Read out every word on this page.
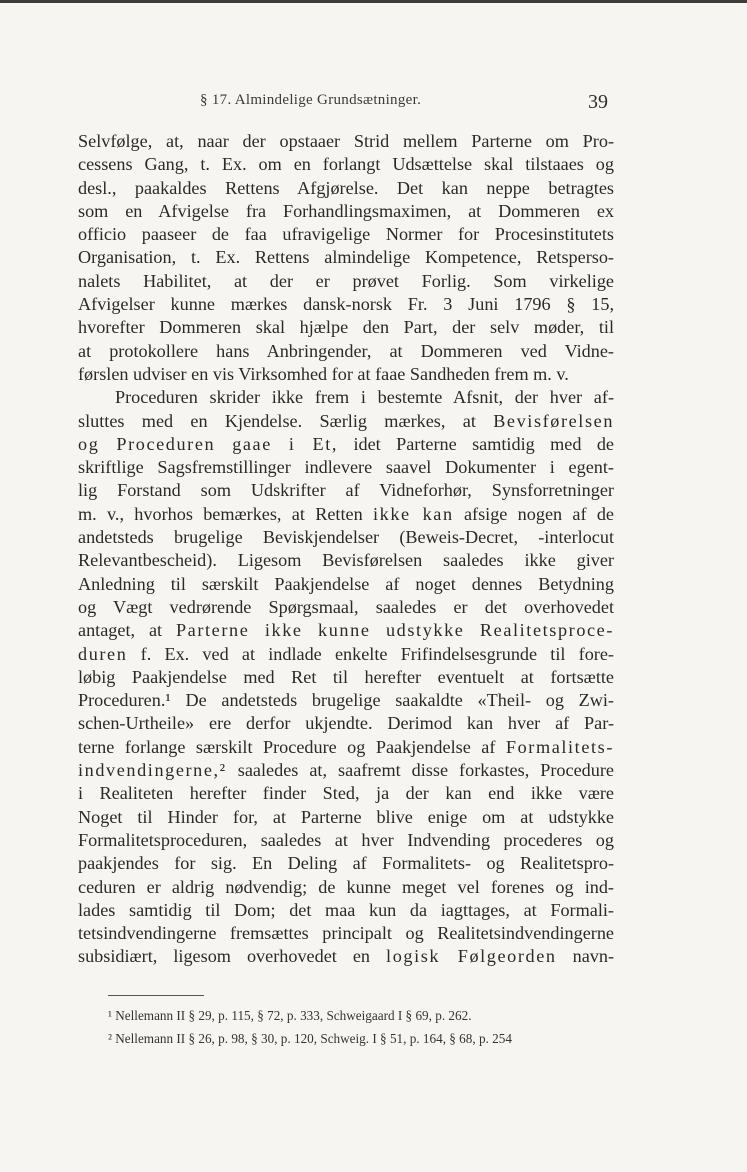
§ 17. Almindelige Grundsætninger.	39
Selvfølge, at, naar der opstaaer Strid mellem Parterne om Pro-
cessens Gang, t. Ex. om en forlangt Udsættelse skal tilstaaes og
desl., paakaldes Rettens Afgjørelse. Det kan neppe betragtes
som en Afvigelse fra Forhandlingsmaximen, at Dommeren ex
officio paaseer de faa ufravigelige Normer for Procesinstitutets
Organisation, t. Ex. Rettens almindelige Kompetence, Retsperso-
nalets Habilitet, at der er prøvet Forlig. Som virkelige
Afvigelser kunne mærkes dansk-norsk Fr. 3 Juni 1796 § 15,
hvorefter Dommeren skal hjælpe den Part, der selv møder, til
at protokollere hans Anbringender, at Dommeren ved Vidne-
førslen udviser en vis Virksomhed for at faae Sandheden frem m. v.
Proceduren skrider ikke frem i bestemte Afsnit, der hver af-
sluttes med en Kjendelse. Særlig mærkes, at Bevisførelsen
og Proceduren gaae i Et, idet Parterne samtidig med de
skriftlige Sagsfremstillinger indlevere saavel Dokumenter i egent-
lig Forstand som Udskrifter af Vidneforhør, Synsforretninger
m. v., hvorhos bemærkes, at Retten ikke kan afsige nogen af de
andetsteds brugelige Beviskjendelser (Beweis-Decret, -interlocut
Relevantbescheid). Ligesom Bevisførelsen saaledes ikke giver
Anledning til særskilt Paakjendelse af noget dennes Betydning
og Vægt vedrørende Spørgsmaal, saaledes er det overhovedet
antaget, at Parterne ikke kunne udstykke Realitetsproce-
duren f. Ex. ved at indlade enkelte Frifindelsesgrunde til fore-
løbig Paakjendelse med Ret til herefter eventuelt at fortsætte
Proceduren.¹ De andetsteds brugelige saakaldte «Theil- og Zwi-
schen-Urtheile» ere derfor ukjendte. Derimod kan hver af Par-
terne forlange særskilt Procedure og Paakjendelse af Formalitets-
indvendingerne,² saaledes at, saafremt disse forkastes, Procedure
i Realiteten herefter finder Sted, ja der kan end ikke være
Noget til Hinder for, at Parterne blive enige om at udstykke
Formalitetsproceduren, saaledes at hver Indvending procederes og
paakjendes for sig. En Deling af Formalitets- og Realitetspro-
ceduren er aldrig nødvendig; de kunne meget vel forenes og ind-
lades samtidig til Dom; det maa kun da iagttages, at Formali-
tetsindvendingerne fremsættes principalt og Realitetsindvendingerne
subsidiært, ligesom overhovedet en logisk Følgeorden navn-
¹ Nellemann II § 29, p. 115, § 72, p. 333, Schweigaard I § 69, p. 262.
² Nellemann II § 26, p. 98, § 30, p. 120, Schweig. I § 51, p. 164, § 68, p. 254
